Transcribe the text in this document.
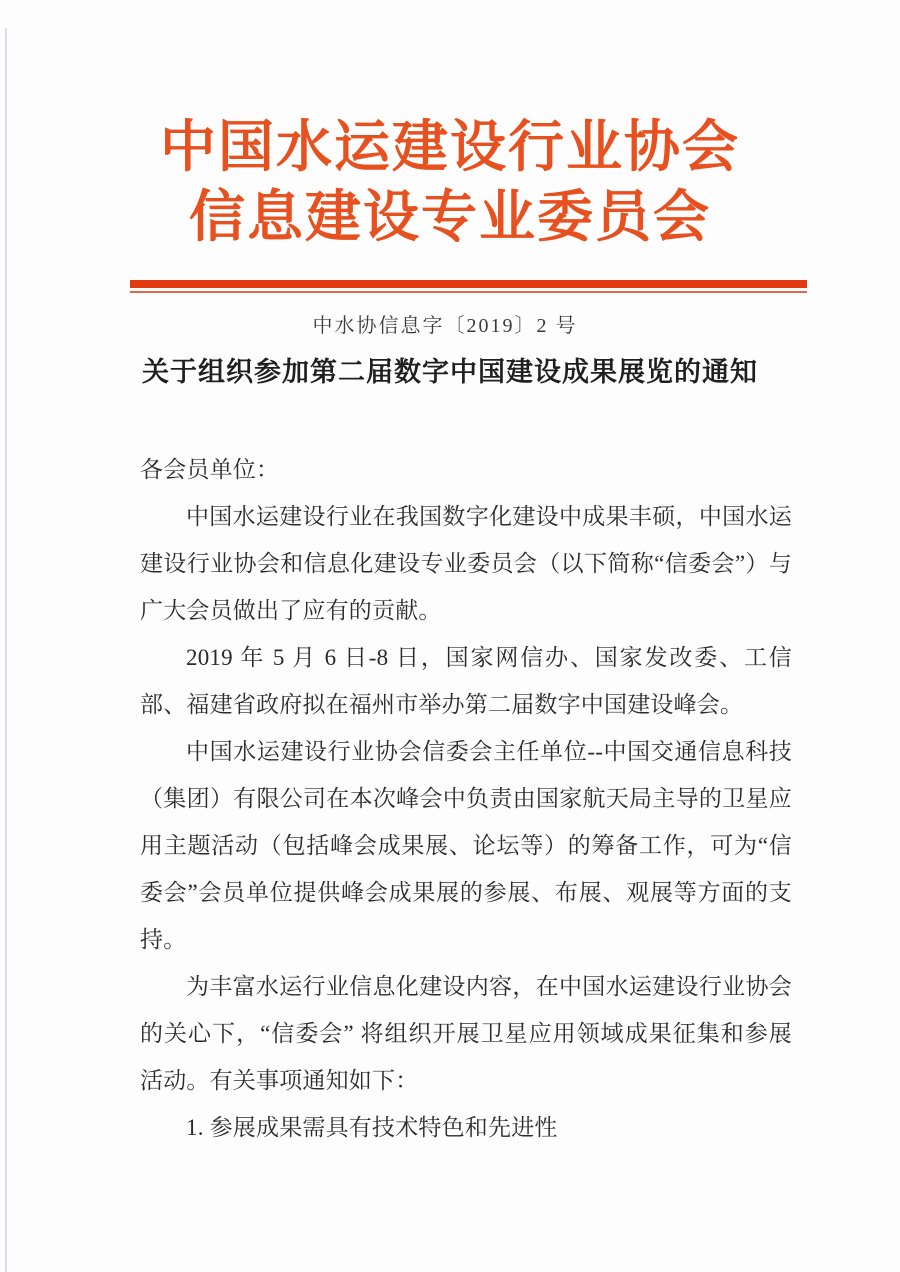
中国水运建设行业协会
信息建设专业委员会
中水协信息字〔2019〕2 号
关于组织参加第二届数字中国建设成果展览的通知

各会员单位：

中国水运建设行业在我国数字化建设中成果丰硕，中国水运建设行业协会和信息化建设专业委员会（以下简称“信委会”）与广大会员做出了应有的贡献。

2019 年 5 月 6 日-8 日，国家网信办、国家发改委、工信部、福建省政府拟在福州市举办第二届数字中国建设峰会。

中国水运建设行业协会信委会主任单位--中国交通信息科技（集团）有限公司在本次峰会中负责由国家航天局主导的卫星应用主题活动（包括峰会成果展、论坛等）的筹备工作，可为“信委会”会员单位提供峰会成果展的参展、布展、观展等方面的支持。

为丰富水运行业信息化建设内容，在中国水运建设行业协会的关心下，“信委会” 将组织开展卫星应用领域成果征集和参展活动。有关事项通知如下：

1. 参展成果需具有技术特色和先进性
